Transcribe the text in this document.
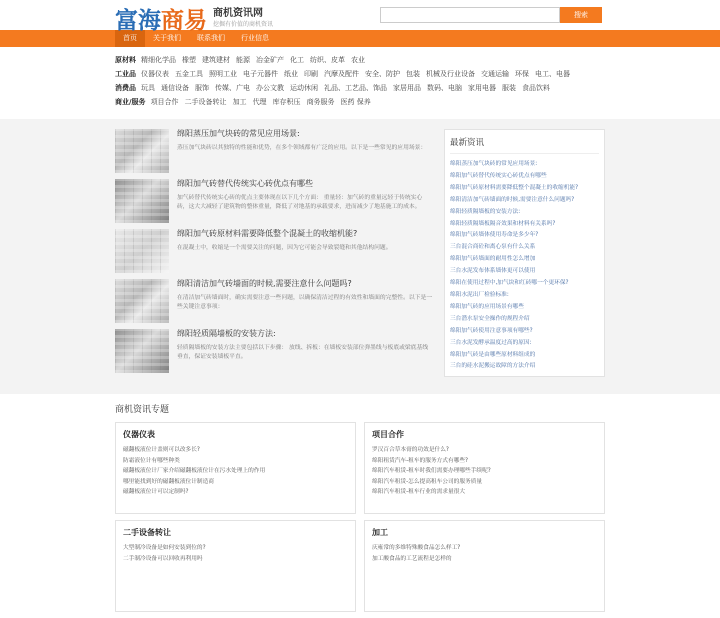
富海商易 商机资讯网
挖掘有价值的商机资讯
搜索
首页	关于我们	联系我们	行业信息
原材料 精细化学品 橡塑 建筑建材 能源 冶金矿产 化工 纺织、皮革 农业
工业品 仪器仪表 五金工具 照明工业 电子元器件 纸业 印刷 汽摩及配件 安全、防护 包装 机械及行业设备 交通运输 环保 电工、电器
消费品 玩具 通信设备 服饰 传媒、广电 办公文教 运动休闲 礼品、工艺品、饰品 家居用品 数码、电脑 家用电器 服装 食品饮料
商业/服务 项目合作 二手设备转让 加工 代理 库存积压 商务服务 医药 保养
绵阳蒸压加气块砖的常见应用场景:
蒸压加气块砖以其独特的性能和优势，在多个领域都有广泛的应用。以下是一些常见的应用场景：
绵阳加气砖替代传统实心砖优点有哪些
加气砖替代传统实心砖的优点主要体现在以下几个方面： 重量轻：加气砖的重量远轻于传统实心砖，这大大减轻了建筑物的整体重量，降低了对地基的承载要求，进而减少了地基施工的成本。
绵阳加气砖原材料需要降低整个混凝土的收缩机能?
在混凝土中，收缩是一个需要关注的问题，因为它可能会导致裂缝和其他结构问题。
绵阳清洁加气砖墙面的时候,需要注意什么问题吗?
在清洁加气砖墙面时，确实需要注意一些问题，以确保清洁过程的有效性和墙面的完整性。以下是一些关键注意事项：
绵阳轻质隔墙板的安装方法:
轻质隔墙板的安装方法主要包括以下步骤： 放线、拆板：在墙板安装部位弹墨线与板底或梁底基线垂直，保证安装墙板平直。
最新资讯
绵阳蒸压加气块砖的常见应用场景:
绵阳加气砖替代传统实心砖优点有哪些
绵阳加气砖原材料需要降低整个混凝土的收缩机能?
绵阳清洁加气砖墙面的时候,需要注意什么问题吗?
绵阳轻质隔墙板的安装方法:
绵阳轻质隔墙板隔音效果和材料有关系吗?
绵阳加气砖墙体使用寿命是多少年?
三台混合商砼和离心泵有什么关系
绵阳加气砖墙面的耐用性怎么增加
三台水泥发布体系墙体更可以使用
绵阳在使用过程中,加气块和红砖哪一个更环保?
绵阳水泥出厂检验标准:
绵阳加气砖的应用场景有哪些
三台潜水泵安全操作的规程介绍
绵阳加气砖使用注意事项有哪些?
三台水泥发酵承温度过高的原因:
绵阳加气砖是由哪些原材料组成的
三台的硅水泥搬运故障的方法介绍
商机资讯专题
仪器仪表
磁翻板液位计盖则可以改多长?
防霜液位计有哪些种类
磁翻板液位计厂家介绍磁翻板液位计在污水处理上的作用
哪里能找到好的磁翻板液位计制造商
磁翻板液位计可以定制吗?
项目合作
罗汉百合草本膏的功效是什么?
绵阳租赁汽车-租车的服务方式有哪些?
绵阳汽车租赁-租车时我们需要办理哪些手续呢?
绵阳汽车租赁-怎么提高租车公司的服务质量
绵阳汽车租赁-租车行业的需求量很大
二手设备转让
大型制冷设备是如何安装到位的?
二手制冷设备可以回收再利用吗
加工
庆雍常的多维特殊酸食品怎么样工?
加工酸食品的工艺流程是怎样的
